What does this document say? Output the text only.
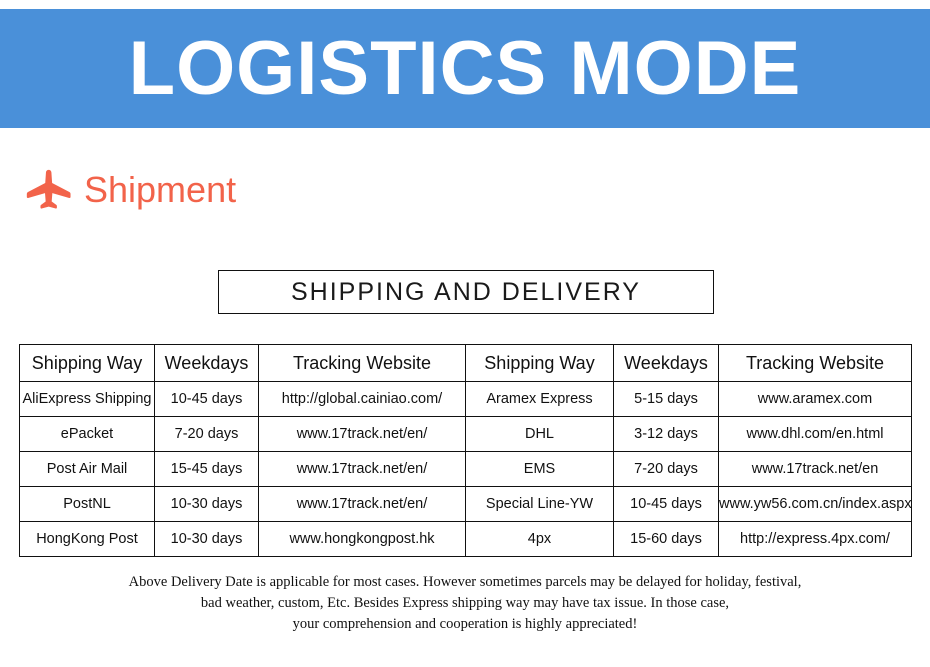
LOGISTICS MODE
Shipment
SHIPPING AND DELIVERY
Shipping Way	Weekdays	Tracking Website	Shipping Way	Weekdays	Tracking Website
AliExpress Shipping	10-45 days	http://global.cainiao.com/	Aramex Express	5-15 days	www.aramex.com
ePacket	7-20 days	www.17track.net/en/	DHL	3-12 days	www.dhl.com/en.html
Post Air Mail	15-45 days	www.17track.net/en/	EMS	7-20 days	www.17track.net/en
PostNL	10-30 days	www.17track.net/en/	Special Line-YW	10-45 days	www.yw56.com.cn/index.aspx
HongKong Post	10-30 days	www.hongkongpost.hk	4px	15-60 days	http://express.4px.com/
Above Delivery Date is applicable for most cases. However sometimes parcels may be delayed for holiday, festival,
bad weather, custom, Etc. Besides Express shipping way may have tax issue. In those case,
your comprehension and cooperation is highly appreciated!
